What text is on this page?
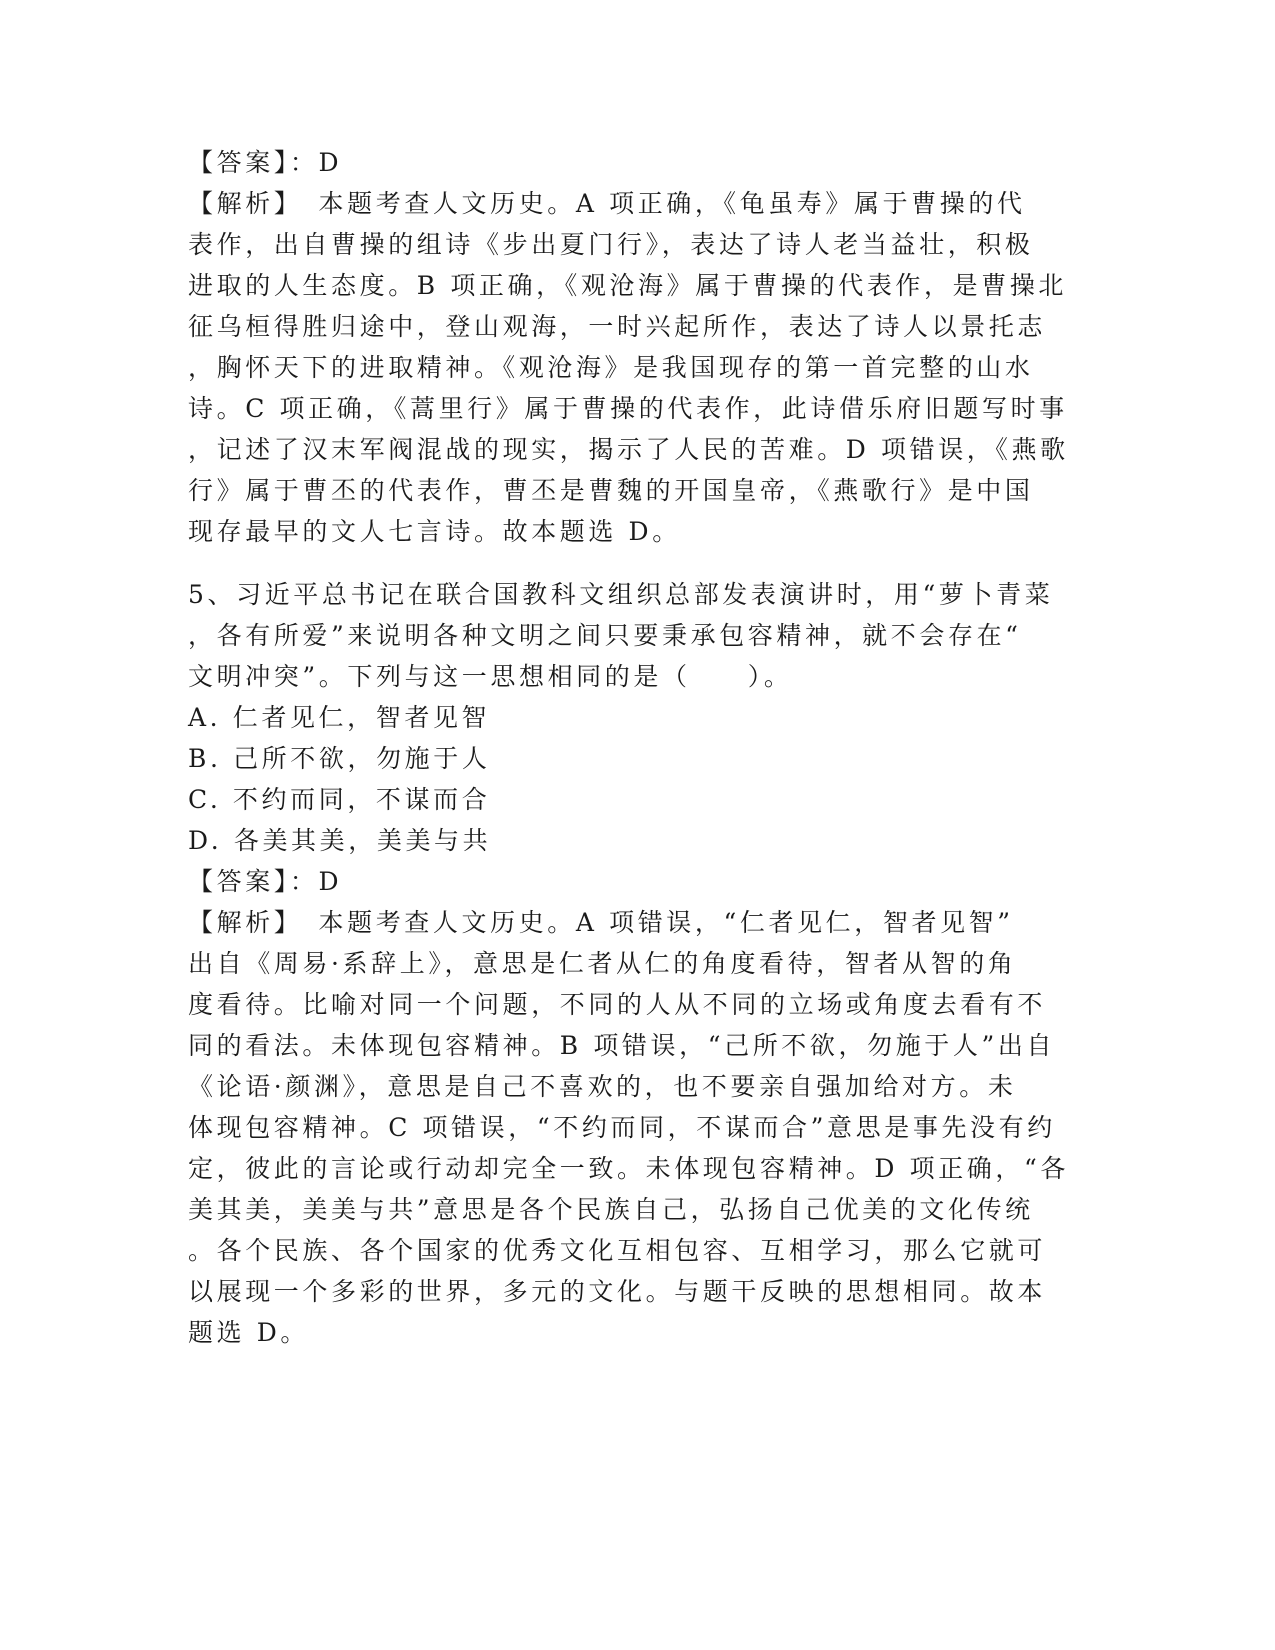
【答案】：D
【解析】　本题考查人文历史。A 项正确，《龟虽寿》属于曹操的代
表作，出自曹操的组诗《步出夏门行》，表达了诗人老当益壮，积极
进取的人生态度。B 项正确，《观沧海》属于曹操的代表作，是曹操北
征乌桓得胜归途中，登山观海，一时兴起所作，表达了诗人以景托志
，胸怀天下的进取精神。《观沧海》是我国现存的第一首完整的山水
诗。C 项正确，《蒿里行》属于曹操的代表作，此诗借乐府旧题写时事
，记述了汉末军阀混战的现实，揭示了人民的苦难。D 项错误，《燕歌
行》属于曹丕的代表作，曹丕是曹魏的开国皇帝，《燕歌行》是中国
现存最早的文人七言诗。故本题选 D。
5、习近平总书记在联合国教科文组织总部发表演讲时，用“萝卜青菜
，各有所爱”来说明各种文明之间只要秉承包容精神，就不会存在“
文明冲突”。下列与这一思想相同的是（　　）。
A. 仁者见仁，智者见智
B. 己所不欲，勿施于人
C. 不约而同，不谋而合
D. 各美其美，美美与共
【答案】：D
【解析】　本题考查人文历史。A 项错误，“仁者见仁，智者见智”
出自《周易·系辞上》，意思是仁者从仁的角度看待，智者从智的角
度看待。比喻对同一个问题，不同的人从不同的立场或角度去看有不
同的看法。未体现包容精神。B 项错误，“己所不欲，勿施于人”出自
《论语·颜渊》，意思是自己不喜欢的，也不要亲自强加给对方。未
体现包容精神。C 项错误，“不约而同，不谋而合”意思是事先没有约
定，彼此的言论或行动却完全一致。未体现包容精神。D 项正确，“各
美其美，美美与共”意思是各个民族自己，弘扬自己优美的文化传统
。各个民族、各个国家的优秀文化互相包容、互相学习，那么它就可
以展现一个多彩的世界，多元的文化。与题干反映的思想相同。故本
题选 D。
